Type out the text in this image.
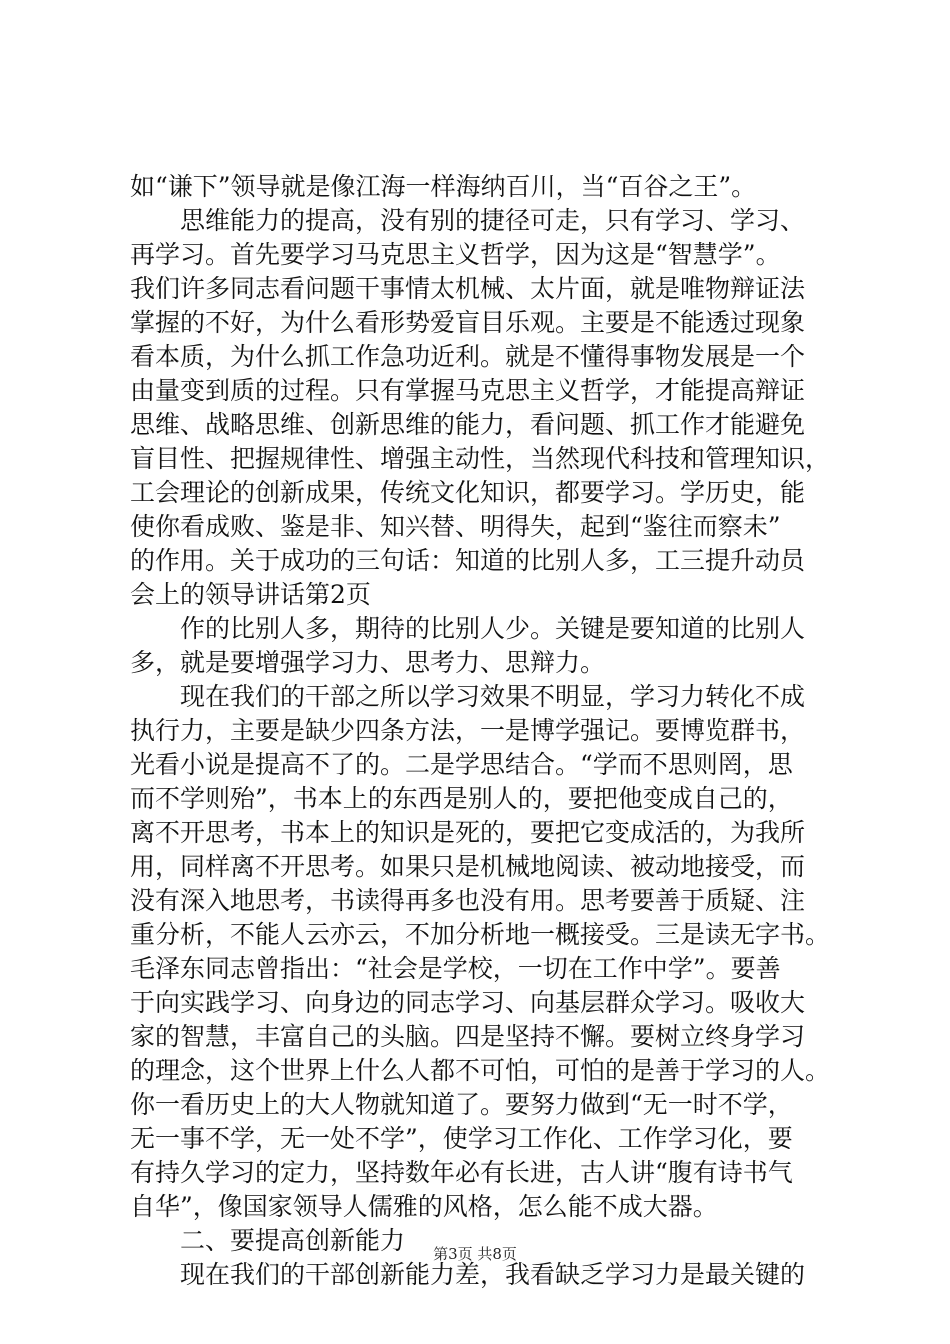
如“谦下”领导就是像江海一样海纳百川，当“百谷之王”。
思维能力的提高，没有别的捷径可走，只有学习、学习、
再学习。首先要学习马克思主义哲学，因为这是“智慧学”。
我们许多同志看问题干事情太机械、太片面，就是唯物辩证法
掌握的不好，为什么看形势爱盲目乐观。主要是不能透过现象
看本质，为什么抓工作急功近利。就是不懂得事物发展是一个
由量变到质的过程。只有掌握马克思主义哲学，才能提高辩证
思维、战略思维、创新思维的能力，看问题、抓工作才能避免
盲目性、把握规律性、增强主动性，当然现代科技和管理知识，
工会理论的创新成果，传统文化知识，都要学习。学历史，能
使你看成败、鉴是非、知兴替、明得失，起到“鉴往而察未”
的作用。关于成功的三句话：知道的比别人多，工三提升动员
会上的领导讲话第2页
作的比别人多，期待的比别人少。关键是要知道的比别人
多，就是要增强学习力、思考力、思辩力。
现在我们的干部之所以学习效果不明显，学习力转化不成
执行力，主要是缺少四条方法，一是博学强记。要博览群书，
光看小说是提高不了的。二是学思结合。“学而不思则罔，思
而不学则殆”，书本上的东西是别人的，要把他变成自己的，
离不开思考，书本上的知识是死的，要把它变成活的，为我所
用，同样离不开思考。如果只是机械地阅读、被动地接受，而
没有深入地思考，书读得再多也没有用。思考要善于质疑、注
重分析，不能人云亦云，不加分析地一概接受。三是读无字书。
毛泽东同志曾指出：“社会是学校，一切在工作中学”。要善
于向实践学习、向身边的同志学习、向基层群众学习。吸收大
家的智慧，丰富自己的头脑。四是坚持不懈。要树立终身学习
的理念，这个世界上什么人都不可怕，可怕的是善于学习的人。
你一看历史上的大人物就知道了。要努力做到“无一时不学，
无一事不学，无一处不学”，使学习工作化、工作学习化，要
有持久学习的定力，坚持数年必有长进，古人讲“腹有诗书气
自华”，像国家领导人儒雅的风格，怎么能不成大器。
二、要提高创新能力
现在我们的干部创新能力差，我看缺乏学习力是最关键的
第3页 共8页
